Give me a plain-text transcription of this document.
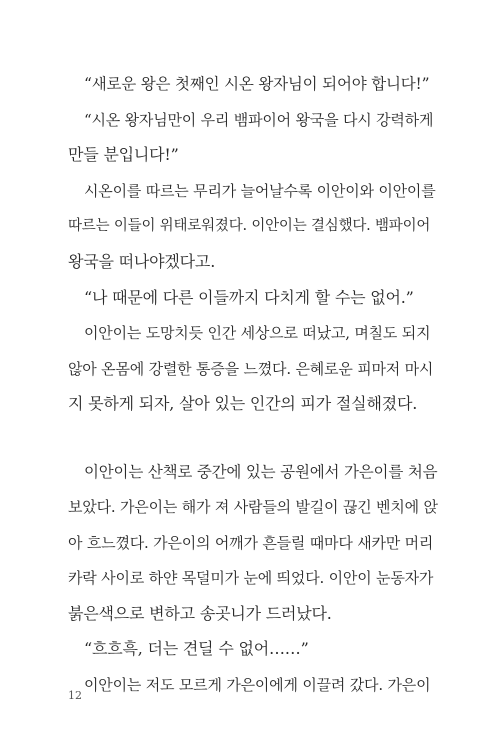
“새로운 왕은 첫째인 시온 왕자님이 되어야 합니다!”
“시온 왕자님만이 우리 뱀파이어 왕국을 다시 강력하게
만들 분입니다!”
시온이를 따르는 무리가 늘어날수록 이안이와 이안이를
따르는 이들이 위태로워졌다. 이안이는 결심했다. 뱀파이어
왕국을 떠나야겠다고.
“나 때문에 다른 이들까지 다치게 할 수는 없어.”
이안이는 도망치듯 인간 세상으로 떠났고, 며칠도 되지
않아 온몸에 강렬한 통증을 느꼈다. 은혜로운 피마저 마시
지 못하게 되자, 살아 있는 인간의 피가 절실해졌다.
이안이는 산책로 중간에 있는 공원에서 가은이를 처음
보았다. 가은이는 해가 져 사람들의 발길이 끊긴 벤치에 앉
아 흐느꼈다. 가은이의 어깨가 흔들릴 때마다 새카만 머리
카락 사이로 하얀 목덜미가 눈에 띄었다. 이안이 눈동자가
붉은색으로 변하고 송곳니가 드러났다.
“흐흐흑, 더는 견딜 수 없어……”
이안이는 저도 모르게 가은이에게 이끌려 갔다. 가은이
12
